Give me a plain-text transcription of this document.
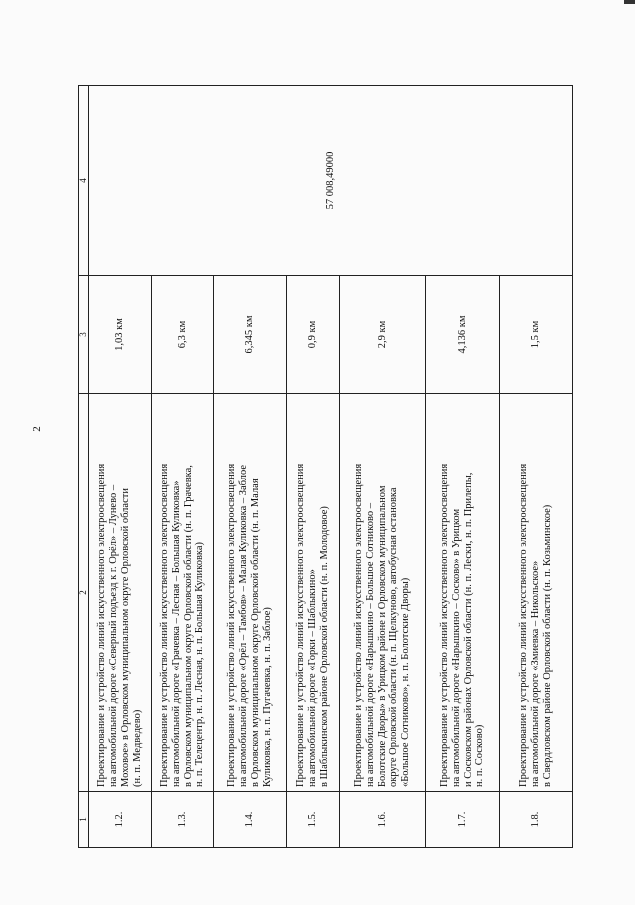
2
1	2	3	4
1.2.	Проектирование и устройство линий искусственного электроосвещения на автомобильной дороге «Северный подъезд к г. Орёл» – Лунево – Моховое» в Орловском муниципальном округе Орловской области (н. п. Медведево)	1,03 км	57 008,49000
1.3.	Проектирование и устройство линий искусственного электроосвещения на автомобильной дороге «Грачевка – Лесная – Большая Куликовка» в Орловском муниципальном округе Орловской области (н. п. Грачевка, н. п. Телецентр, н. п. Лесная, н. п. Большая Куликовка)	6,3 км	
1.4.	Проектирование и устройство линий искусственного электроосвещения на автомобильной дороге «Орёл – Тамбов» – Малая Куликовка – Заблое в Орловском муниципальном округе Орловской области (н. п. Малая Куликовка, н. п. Пугачевка, н. п. Заблое)	6,345 км	
1.5.	Проектирование и устройство линий искусственного электроосвещения на автомобильной дороге «Горки – Шаблыкино» в Шаблыкинском районе Орловской области (н. п. Молодовое)	0,9 км	
1.6.	Проектирование и устройство линий искусственного электроосвещения на автомобильной дороге «Нарышкино – Большое Сотниково – Болотские Дворы» в Урицком районе и Орловском муниципальном округе Орловской области (н. п. Щелкуново, автобусная остановка «Большое Сотниково», н. п. Болотские Дворы)	2,9 км	
1.7.	Проектирование и устройство линий искусственного электроосвещения на автомобильной дороге «Нарышкино – Сосково» в Урицком и Сосковском районах Орловской области (н. п. Лески, н. п. Прилепы, н. п. Сосково)	4,136 км	
1.8.	Проектирование и устройство линий искусственного электроосвещения на автомобильной дороге «Змиевка – Никольское» в Свердловском районе Орловской области (н. п. Козьминское)	1,5 км	
